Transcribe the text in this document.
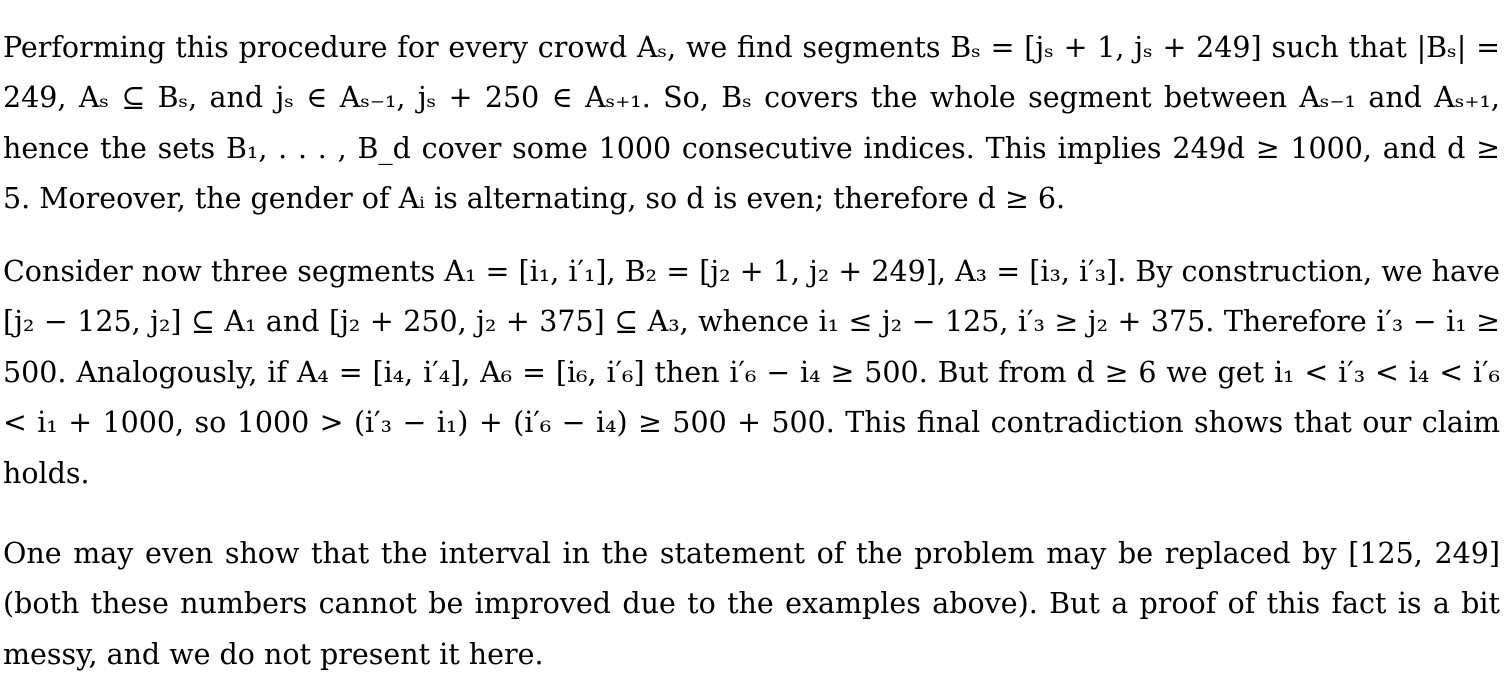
Performing this procedure for every crowd Aₛ, we find segments Bₛ = [jₛ + 1, jₛ + 249] such that |Bₛ| = 249, Aₛ ⊆ Bₛ, and jₛ ∈ Aₛ₋₁, jₛ + 250 ∈ Aₛ₊₁. So, Bₛ covers the whole segment between Aₛ₋₁ and Aₛ₊₁, hence the sets B₁, . . . , B_d cover some 1000 consecutive indices. This implies 249d ≥ 1000, and d ≥ 5. Moreover, the gender of Aᵢ is alternating, so d is even; therefore d ≥ 6.

Consider now three segments A₁ = [i₁, i′₁], B₂ = [j₂ + 1, j₂ + 249], A₃ = [i₃, i′₃]. By construction, we have [j₂ − 125, j₂] ⊆ A₁ and [j₂ + 250, j₂ + 375] ⊆ A₃, whence i₁ ≤ j₂ − 125, i′₃ ≥ j₂ + 375. Therefore i′₃ − i₁ ≥ 500. Analogously, if A₄ = [i₄, i′₄], A₆ = [i₆, i′₆] then i′₆ − i₄ ≥ 500. But from d ≥ 6 we get i₁ < i′₃ < i₄ < i′₆ < i₁ + 1000, so 1000 > (i′₃ − i₁) + (i′₆ − i₄) ≥ 500 + 500. This final contradiction shows that our claim holds.

One may even show that the interval in the statement of the problem may be replaced by [125, 249] (both these numbers cannot be improved due to the examples above). But a proof of this fact is a bit messy, and we do not present it here.
